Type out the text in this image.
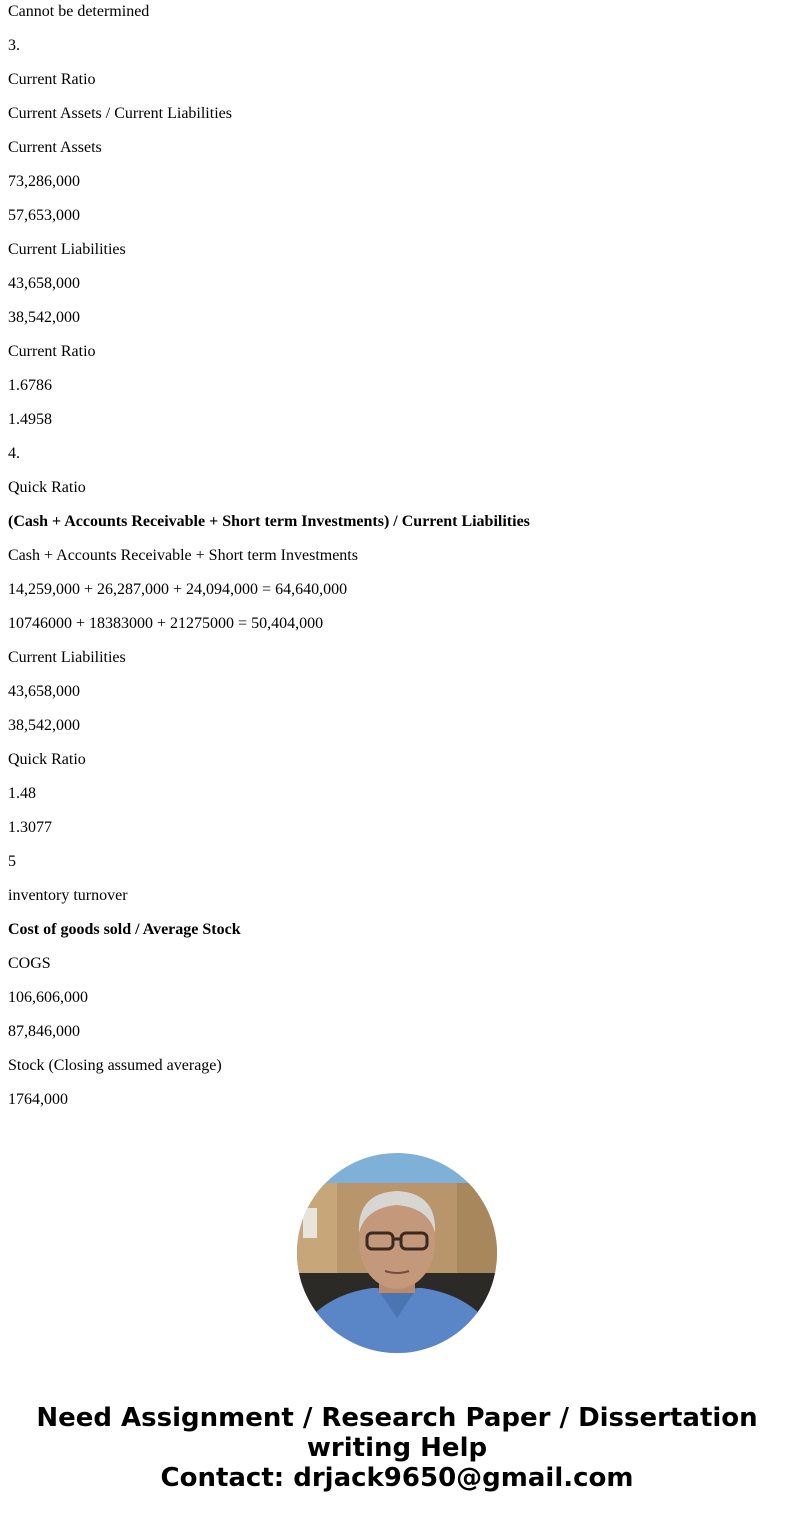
Cannot be determined
3.
Current Ratio
Current Assets / Current Liabilities
Current Assets
73,286,000
57,653,000
Current Liabilities
43,658,000
38,542,000
Current Ratio
1.6786
1.4958
4.
Quick Ratio
(Cash + Accounts Receivable + Short term Investments) / Current Liabilities
Cash + Accounts Receivable + Short term Investments
14,259,000 + 26,287,000 + 24,094,000 = 64,640,000
10746000 + 18383000 + 21275000 = 50,404,000
Current Liabilities
43,658,000
38,542,000
Quick Ratio
1.48
1.3077
5
inventory turnover
Cost of goods sold / Average Stock
COGS
106,606,000
87,846,000
Stock (Closing assumed average)
1764,000
Need Assignment / Research Paper / Dissertation
writing Help
Contact: drjack9650@gmail.com
